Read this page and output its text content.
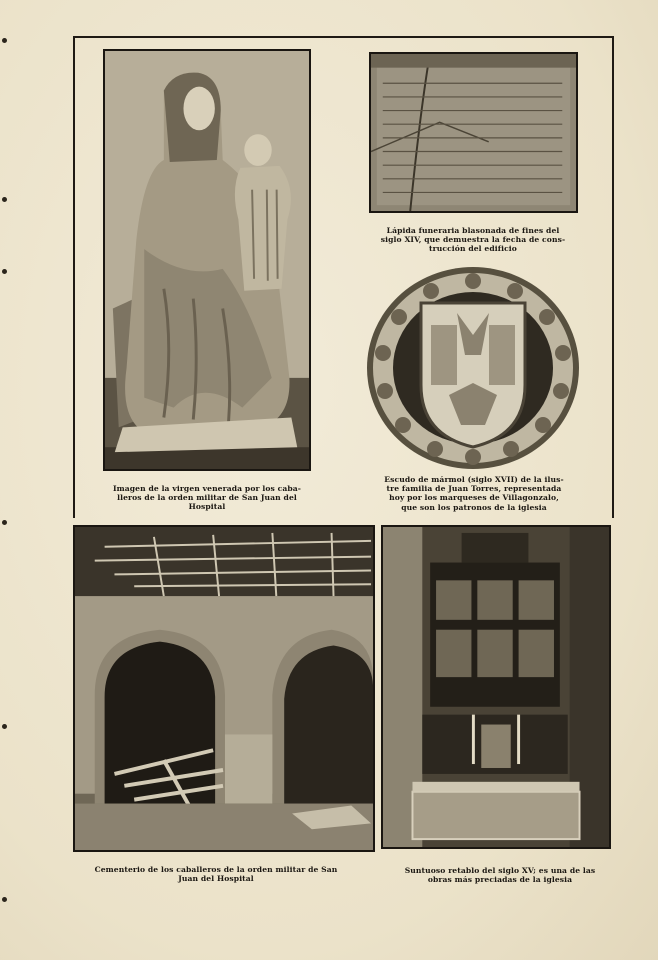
Lápida funeraria blasonada de fines del
siglo XIV, que demuestra la fecha de cons-
trucción del edificio
Escudo de mármol (siglo XVII) de la ilus-
tre familia de Juan Torres, representada
hoy por los marqueses de Villagonzalo,
que son los patronos de la iglesia
Imagen de la virgen venerada por los caba-
lleros de la orden militar de San Juan del
Hospital
Cementerio de los caballeros de la orden militar de San
Juan del Hospital
Suntuoso retablo del siglo XV; es una de las
obras más preciadas de la iglesia
